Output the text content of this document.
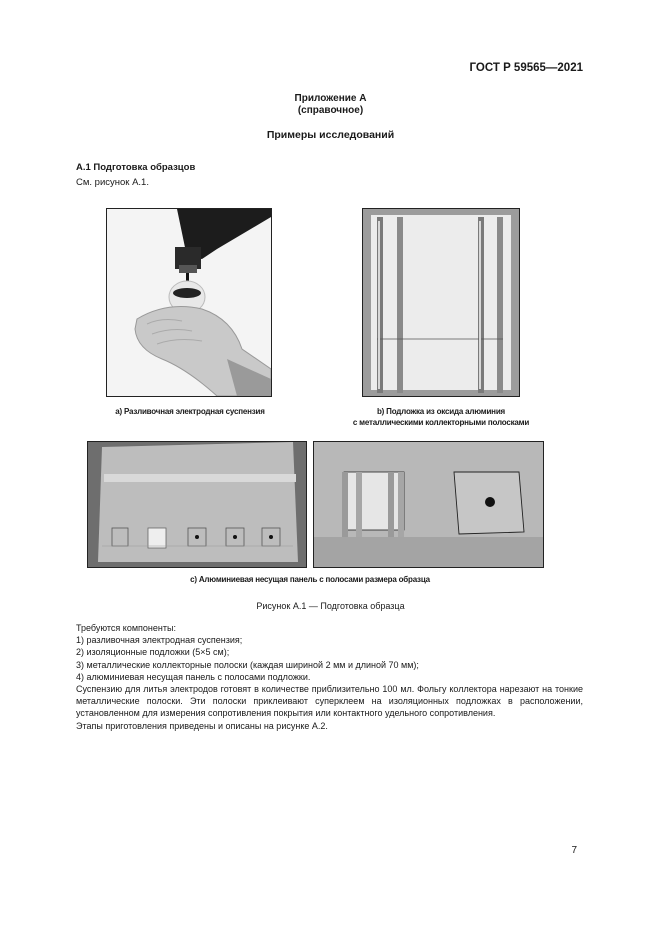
ГОСТ Р 59565—2021
Приложение А
(справочное)
Примеры исследований
A.1 Подготовка образцов
См. рисунок A.1.
а) Разливочная электродная суспензия	b) Подложка из оксида алюминия
с металлическими коллекторными полосками
с) Алюминиевая несущая панель с полосами размера образца
Рисунок А.1 — Подготовка образца

Требуются компоненты:

1) разливочная электродная суспензия;

2) изоляционные подложки (5×5 см);

3) металлические коллекторные полоски (каждая шириной 2 мм и длиной 70 мм);

4) алюминиевая несущая панель с полосами подложки.

Суспензию для литья электродов готовят в количестве приблизительно 100 мл. Фольгу коллектора нарезают на тонкие металлические полоски. Эти полоски приклеивают суперклеем на изоляционных подложках в расположении, установленном для измерения сопротивления покрытия или контактного удельного сопротивления.

Этапы приготовления приведены и описаны на рисунке А.2.

7
